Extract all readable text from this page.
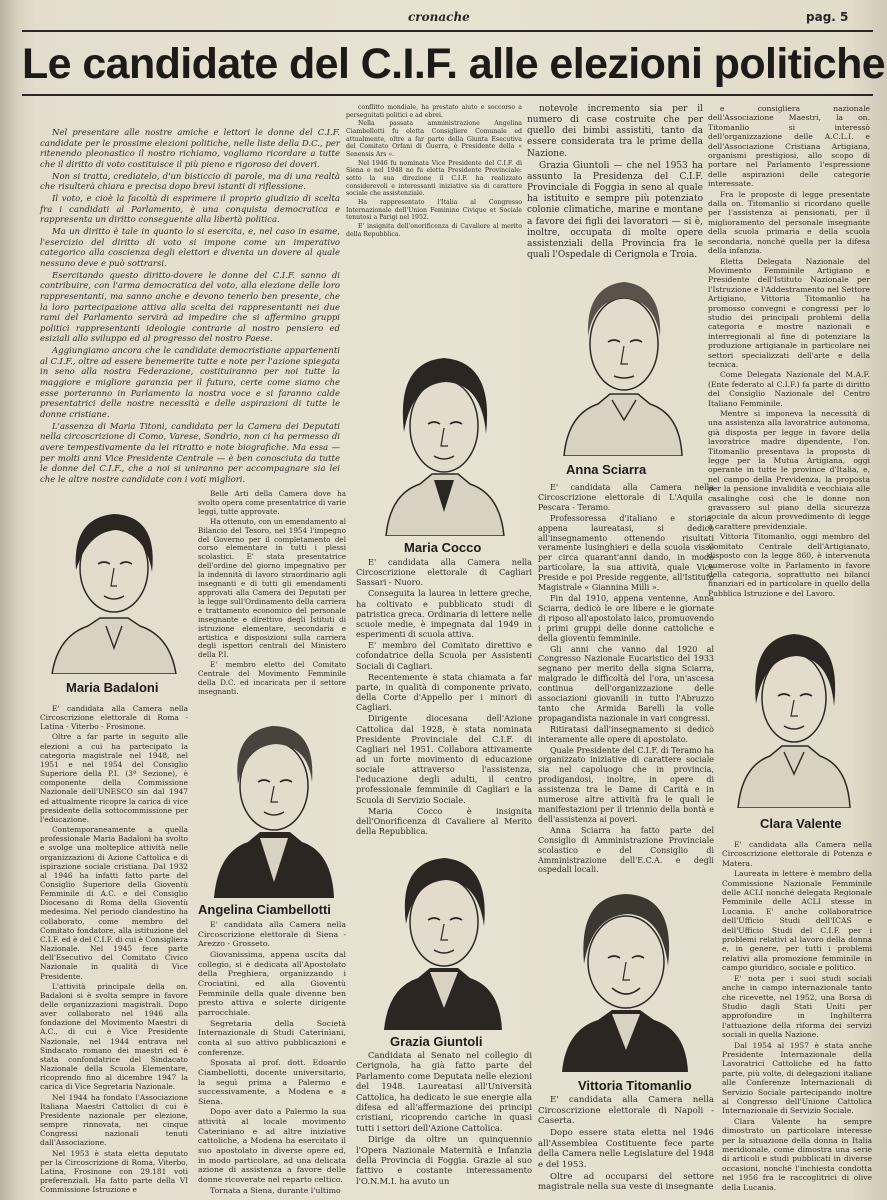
cronache	pag. 5
Le candidate del C.I.F. alle elezioni politiche

Nel presentare alle nostre amiche e lettori le donne del C.I.F. candidate per le prossime elezioni politiche, nelle liste della D.C., per ritenendo pleonastico il nostro richiamo, vogliamo ricordare a tutte che il diritto di voto costituisce il più pieno e rigoroso dei doveri.

Non si tratta, crediatelo, d'un bisticcio di parole, ma di una realtà che risulterà chiara e precisa dopo brevi istanti di riflessione.

Il voto, e cioè la facoltà di esprimere il proprio giudizio di scelta fra i candidati al Parlamento, è una conquista democratica e rappresenta un diritto conseguente alla libertà politica.

Ma un diritto è tale in quanto lo si esercita, e, nel caso in esame, l'esercizio del diritto di voto si impone come un imperativo categorico alla coscienza degli elettori e diventa un dovere al quale nessuno deve e può sottrarsi.

Esercitando questo diritto-dovere le donne del C.I.F. sanno di contribuire, con l'arma democratica del voto, alla elezione delle loro rappresentanti, ma sanno anche e devono tenerlo ben presente, che la loro partecipazione attiva alla scelta dei rappresentanti nei due rami del Parlamento servirà ad impedire che si affermino gruppi politici rappresentanti ideologie contrarie al nostro pensiero ed esiziali allo sviluppo ed al progresso del nostro Paese.

Aggiungiamo ancora che le candidate democristiane appartenenti al C.I.F., oltre ad essere benemerite tutte e note per l'azione spiegata in seno alla nostra Federazione, costituiranno per noi tutte la maggiore e migliore garanzia per il futuro, certe come siamo che esse porteranno in Parlamento la nostra voce e si faranno calde presentatrici delle nostre necessità e delle aspirazioni di tutte le donne cristiane.

L'assenza di Maria Titoni, candidata per la Camera dei Deputati nella circoscrizione di Como, Varese, Sondrio, non ci ha permesso di avere tempestivamente da lei ritratto e note biografiche. Ma essa — per molti anni Vice Presidente Centrale — è ben conosciuta da tutte le donne del C.I.F., che a noi si uniranno per accompagnare sia lei che le altre nostre candidate con i voti migliori.

conflitto mondiale, ha prestato aiuto e soccorso a perseguitati politici e ad ebrei.

Nella passata amministrazione Angelina Ciambellotti fu eletta Consigliere Comunale ed attualmente, oltre a far parte della Giunta Esecutiva del Comitato Orfani di Guerra, è Presidente della « Senensis Ars ».

Nel 1946 fu nominata Vice Presidente del C.I.F. di Siena e nel 1948 ne fu eletta Presidente Provinciale: sotto la sua direzione il C.I.F. ha realizzato considerevoli e interessanti iniziative sia di carattere sociale che assistenziale.

Ha rappresentato l'Italia al Congresso Internazionale dell'Union Feminine Civique et Sociale tenutosi a Parigi nel 1952.

E' insignita dell'onorificenza di Cavaliere al merito della Repubblica.

notevole incremento sia per il numero di case costruite che per quello dei bimbi assistiti, tanto da essere considerata tra le prime della Nazione.

Grazia Giuntoli — che nel 1953 ha assunto la Presidenza del C.I.F. Provinciale di Foggia in seno al quale ha istituito e sempre più potenziato colonie climatiche, marine e montane a favore dei figli dei lavoratori — si è, inoltre, occupata di molte opere assistenziali della Provincia fra le quali l'Ospedale di Cerignola e Troia.

e consigliera nazionale dell'Associazione Maestri, la on. Titomanlio si interessò dell'organizzazione delle A.C.L.I. e dell'Associazione Cristiana Artigiana, organismi prestigiosi, allo scopo di portare nel Parlamento l'espressione delle aspirazioni delle categorie interessate.

Fra le proposte di legge presentate dalla on. Titomanlio si ricordano quelle per l'assistenza ai pensionati, per il miglioramento del personale insegnante della scuola primaria e della scuola secondaria, nonché quella per la difesa della infanzia.

Eletta Delegata Nazionale del Movimento Femminile Artigiano e Presidente dell'Istituto Nazionale per l'Istruzione e l'Addestramento nel Settore Artigiano, Vittoria Titomanlio ha promosso convegni e congressi per lo studio dei principali problemi della categoria e mostre nazionali e interregionali al fine di potenziare la produzione artigianale in particolare nei settori specializzati dell'arte e della tecnica.

Come Delegata Nazionale del M.A.F. (Ente federato al C.I.F.) fa parte di diritto del Consiglio Nazionale del Centro Italiano Femminile.

Mentre si imponeva la necessità di una assistenza alla lavoratrice autonoma, già disposta per legge in favore della lavoratrice madre dipendente, l'on. Titomanlio presentava la proposta di legge per la Mutua Artigiana, oggi operante in tutte le province d'Italia, e, nel campo della Previdenza, la proposta per la pensione invalidità e vecchiaia alle casalinghe così che le donne non gravassero sul piano della sicurezza sociale da alcun provvedimento di legge a carattere previdenziale.

Vittoria Titomanlio, oggi membro del Comitato Centrale dell'Artigianato, disposto con la legge 860, è intervenuta numerose volte in Parlamento in favore della categoria, soprattutto nei bilanci finanziari ed in particolare in quello della Pubblica Istruzione e del Lavoro.

Maria Badaloni
Angelina Ciambellotti
Maria Cocco
Anna Sciarra
Grazia Giuntoli
Vittoria Titomanlio
Clara Valente

E' candidata alla Camera nella Circoscrizione elettorale di Roma - Latina - Viterbo - Frosinone.

Oltre a far parte in seguito alle elezioni a cui ha partecipato la categoria magistrale nel 1948, nel 1951 e nel 1954 del Consiglio Superiore della P.I. (3ª Sezione), è componente della Commissione Nazionale dell'UNESCO sin dal 1947 ed attualmente ricopre la carica di vice presidente della sottocommissione per l'educazione.

Contemporaneamente a quella professionale Maria Badaloni ha svolto e svolge una molteplice attività nelle organizzazioni di Azione Cattolica e di ispirazione sociale cristiana. Dal 1932 al 1946 ha infatti fatto parte del Consiglio Superiore della Gioventù Femminile di A.C. e del Consiglio Diocesano di Roma della Gioventù medesima. Nel periodo clandestino ha collaborato, come membro del Comitato fondatore, alla istituzione del C.I.F. ed è del C.I.F. di cui è Consigliera Nazionale. Nel 1945 fece parte dell'Esecutivo del Comitato Civico Nazionale in qualità di Vice Presidente.

L'attività principale della on. Badaloni si è svolta sempre in favore delle organizzazioni magistrali. Dopo aver collaborato nel 1946 alla fondazione del Movimento Maestri di A.C., di cui è Vice Presidente Nazionale, nel 1944 entrava nel Sindacato romano dei maestri ed è stata confondatrice del Sindacato Nazionale della Scuola Elementare, ricoprendo fino al dicembre 1947 la carica di Vice Segretaria Nazionale.

Nel 1944 ha fondato l'Associazione Italiana Maestri Cattolici di cui è Presidente nazionale per elezione, sempre rinnovata, nei cinque Congressi nazionali tenuti dall'Associazione.

Nel 1953 è stata eletta deputato per la Circoscrizione di Roma, Viterbo, Latina, Frosinone con 29.181 voti preferenziali. Ha fatto parte della VI Commissione Istruzione e

Belle Arti della Camera dove ha svolto opera come presentatrice di varie leggi, tutte approvate.

Ha ottenuto, con un emendamento al Bilancio del Tesoro, nel 1954 l'impegno del Governo per il completamento del corso elementare in tutti i plessi scolastici. E' stata presentatrice dell'ordine del giorno impegnativo per la indennità di lavoro straordinario agli insegnanti e di tutti gli emendamenti approvati alla Camera dei Deputati per la legge sull'Ordinamento della carriera e trattamento economico del personale insegnante e direttivo degli Istituti di istruzione elementare, secondaria e artistica e disposizioni sulla carriera degli ispettori centrali del Ministero della P.I.

E' membro eletto del Comitato Centrale del Movimento Femminile della D.C. ed incaricata per il settore insegnanti.

E' candidata alla Camera nella Circoscrizione elettorale di Siena - Arezzo - Grosseto.

Giovanissima, appena uscita dal collegio, si è dedicata all'Apostolato della Preghiera, organizzando i Crociatini, ed alla Gioventù Femminile della quale divenne ben presto attiva e solerte dirigente parrocchiale.

Segretaria della Società Internazionale di Studi Caterinìani, conta al suo attivo pubblicazioni e conferenze.

Sposata al prof. dott. Edoardo Ciambellotti, docente universitario, la seguì prima a Palermo e successivamente, a Modena e a Siena.

Dopo aver dato a Palermo la sua attività al locale movimento Cateriniano e ad altre iniziative cattoliche, a Modena ha esercitato il suo apostolato in diverse opere ed, in modo particolare, ad una delicata azione di assistenza a favore delle donne ricoverate nel reparto celtico.

Tornata a Siena, durante l'ultimo

E' candidata alla Camera nella Circoscrizione elettorale di Cagliari Sassari - Nuoro.

Conseguita la laurea in lettere greche, ha coltivato e pubblicato studi di patristica greca. Ordinaria di lettere nelle scuole medie, è impegnata dal 1949 in esperimenti di scuola attiva.

E' membro del Comitato direttivo e cofondatrice della Scuola per Assistenti Sociali di Cagliari.

Recentemente è stata chiamata a far parte, in qualità di componente privato, della Corte d'Appello per i minori di Cagliari.

Dirigente diocesana dell'Azione Cattolica dal 1928, è stata nominata Presidente Provinciale del C.I.F. di Cagliari nel 1951. Collabora attivamente ad un forte movimento di educazione sociale attraverso l'assistenza, l'educazione degli adulti, il centro professionale femminile di Cagliari e la Scuola di Servizio Sociale.

Maria Cocco è insignita dell'Onorificenza di Cavaliere al Merito della Repubblica.

Candidata al Senato nel collegio di Cerignola, ha già fatto parte del Parlamento come Deputata nelle elezioni del 1948. Laureatasi all'Università Cattolica, ha dedicato le sue energie alla difesa ed all'affermazione dei principi cristiani, ricoprendo cariche in quasi tutti i settori dell'Azione Cattolica.

Dirige da oltre un quinquennio l'Opera Nazionale Maternità e Infanzia della Provincia di Foggia. Grazie al suo fattivo e costante interessamento l'O.N.M.I. ha avuto un

E' candidata alla Camera nella Circoscrizione elettorale di L'Aquila - Pescara - Teramo.

Professoressa d'italiano e storia, appena laureatasi, si dedicò all'insegnamento ottenendo risultati veramente lusinghieri e della scuola visse per circa quarant'anni dando, in modo particolare, la sua attività, quale Vice Preside e poi Preside reggente, all'Istituto Magistrale « Giannina Milli ».

Fin dal 1910, appena ventenne, Anna Sciarra, dedicò le ore libere e le giornate di riposo all'apostolato laico, promuovendo i primi gruppi delle donne cattoliche e della gioventù femminile.

Gli anni che vanno dal 1920 al Congresso Nazionale Eucaristico del 1933 segnano per merito della signa Sciarra, malgrado le difficoltà del l'ora, un'ascesa continua dell'organizzazione delle associazioni giovanili in tutto l'Abruzzo tanto che Armida Barelli la volle propagandista nazionale in vari congressi.

Ritiratasi dall'insegnamento si dedicò interamente alle opere di apostolato.

Quale Presidente del C.I.F. di Teramo ha organizzato iniziative di carattere sociale sia nel capoluogo che in provincia, prodigandosi, inoltre, in opere di assistenza tra le Dame di Carità e in numerose altre attività fra le quali le manifestazioni per il triennio della bontà e dell'assistenza ai poveri.

Anna Sciarra ha fatto parte del Consiglio di Amministrazione Provinciale scolastico e del Consiglio di Amministrazione dell'E.C.A. e degli ospedali locali.

E' candidata alla Camera nella Circoscrizione elettorale di Napoli - Caserta.

Dopo essere stata eletta nel 1946 all'Assemblea Costituente fece parte della Camera nelle Legislature del 1948 e del 1953.

Oltre ad occuparsi del settore magistrale nella sua veste di insegnante

E' candidata alla Camera nella Circoscrizione elettorale di Potenza e Matera.

Laureata in lettere è membro della Commissione Nazionale Femminile delle ACLI nonché delegata Regionale Femminile delle ACLI stesse in Lucania. E' anche collaboratrice dell'Ufficio Studi dell'ICAS e dell'Ufficio Studi del C.I.F. per i problemi relativi al lavoro della donna e, in genere, per tutti i problemi relativi alla promozione femminile in campo giuridico, sociale e politico.

E' nota per i suoi studi sociali anche in campo internazionale tanto che ricevette, nel 1952, una Borsa di Studio dagli Stati Uniti per approfondire in Inghilterra l'attuazione della riforma dei servizi sociali in quella Nazione.

Dal 1954 al 1957 è stata anche Presidente Internazionale della Lavoratrici Cattoliche ed ha fatto parte, più volte, di delegazioni italiane alle Conferenze Internazionali di Servizio Sociale partecipando inoltre al Congresso dell'Unione Cattolica Internazionale di Servizio Sociale.

Clara Valente ha sempre dimostrato un particolare interesse per la situazione della donna in Italia meridionale, come dimostra una serie di articoli e studi pubblicati in diverse occasioni, nonché l'inchiesta condotta nel 1956 fra le raccoglitrici di olive della Lucania.
